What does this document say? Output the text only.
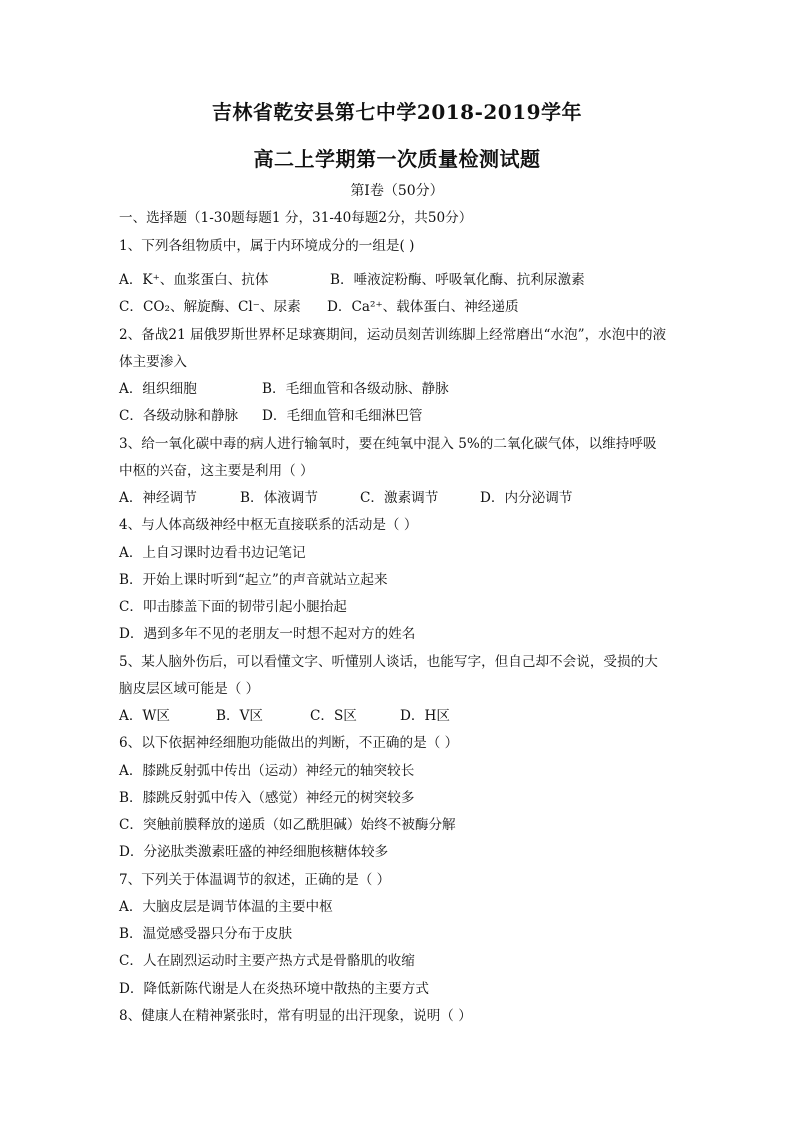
吉林省乾安县第七中学2018-2019学年
高二上学期第一次质量检测试题
第Ⅰ卷（50分）
一、选择题（1-30题每题1 分，31-40每题2分，共50分）
1、下列各组物质中，属于内环境成分的一组是( )
A．K⁺、血浆蛋白、抗体	B．唾液淀粉酶、呼吸氧化酶、抗利尿激素
C．CO₂、解旋酶、Cl⁻、尿素 D．Ca²⁺、载体蛋白、神经递质
2、备战21 届俄罗斯世界杯足球赛期间，运动员刻苦训练脚上经常磨出“水泡”，水泡中的液
体主要渗入
A．组织细胞	B．毛细血管和各级动脉、静脉
C．各级动脉和静脉 D．毛细血管和毛细淋巴管
3、给一氧化碳中毒的病人进行输氧时，要在纯氧中混入 5%的二氧化碳气体，以维持呼吸
中枢的兴奋，这主要是利用（ ）
A．神经调节	B．体液调节	C．激素调节	D．内分泌调节
4、与人体高级神经中枢无直接联系的活动是（ ）
A．上自习课时边看书边记笔记
B．开始上课时听到“起立”的声音就站立起来
C．叩击膝盖下面的韧带引起小腿抬起
D．遇到多年不见的老朋友一时想不起对方的姓名
5、某人脑外伤后，可以看懂文字、听懂别人谈话，也能写字，但自己却不会说，受损的大
脑皮层区域可能是（ ）
A．W区	B．V区	C．S区	D．H区
6、以下依据神经细胞功能做出的判断，不正确的是（ ）
A．膝跳反射弧中传出（运动）神经元的轴突较长
B．膝跳反射弧中传入（感觉）神经元的树突较多
C．突触前膜释放的递质（如乙酰胆碱）始终不被酶分解
D．分泌肽类激素旺盛的神经细胞核糖体较多
7、下列关于体温调节的叙述，正确的是（ ）
A．大脑皮层是调节体温的主要中枢
B．温觉感受器只分布于皮肤
C．人在剧烈运动时主要产热方式是骨骼肌的收缩
D．降低新陈代谢是人在炎热环境中散热的主要方式
8、健康人在精神紧张时，常有明显的出汗现象，说明（ ）
